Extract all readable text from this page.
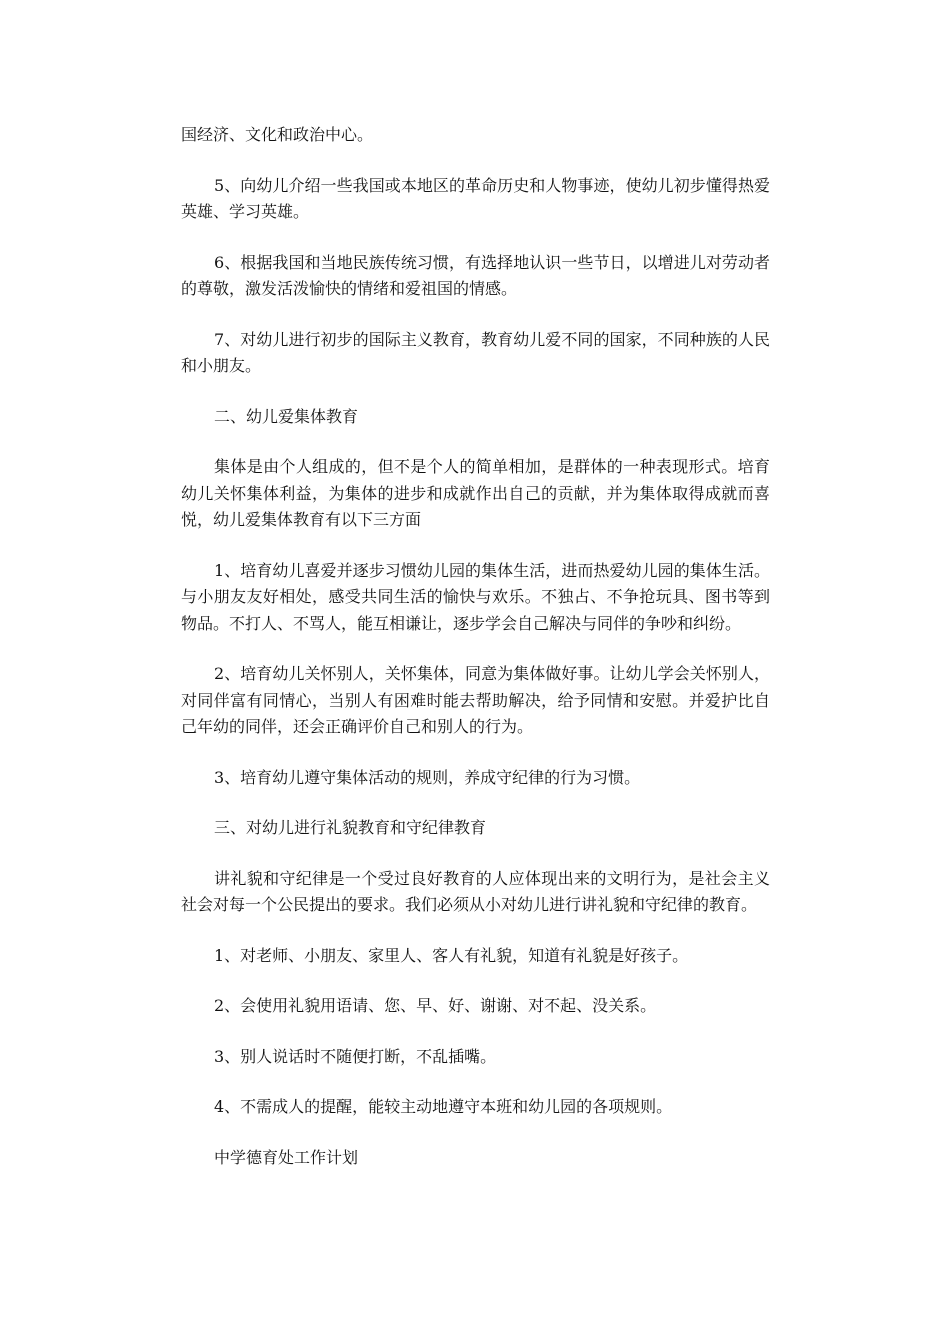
国经济、文化和政治中心。

5、向幼儿介绍一些我国或本地区的革命历史和人物事迹，使幼儿初步懂得热爱英雄、学习英雄。

6、根据我国和当地民族传统习惯，有选择地认识一些节日，以增进儿对劳动者的尊敬，激发活泼愉快的情绪和爱祖国的情感。

7、对幼儿进行初步的国际主义教育，教育幼儿爱不同的国家，不同种族的人民和小朋友。

二、幼儿爱集体教育

集体是由个人组成的，但不是个人的简单相加，是群体的一种表现形式。培育幼儿关怀集体利益，为集体的进步和成就作出自己的贡献，并为集体取得成就而喜悦，幼儿爱集体教育有以下三方面

1、培育幼儿喜爱并逐步习惯幼儿园的集体生活，进而热爱幼儿园的集体生活。与小朋友友好相处，感受共同生活的愉快与欢乐。不独占、不争抢玩具、图书等到物品。不打人、不骂人，能互相谦让，逐步学会自己解决与同伴的争吵和纠纷。

2、培育幼儿关怀别人，关怀集体，同意为集体做好事。让幼儿学会关怀别人，对同伴富有同情心，当别人有困难时能去帮助解决，给予同情和安慰。并爱护比自己年幼的同伴，还会正确评价自己和别人的行为。

3、培育幼儿遵守集体活动的规则，养成守纪律的行为习惯。

三、对幼儿进行礼貌教育和守纪律教育

讲礼貌和守纪律是一个受过良好教育的人应体现出来的文明行为，是社会主义社会对每一个公民提出的要求。我们必须从小对幼儿进行讲礼貌和守纪律的教育。

1、对老师、小朋友、家里人、客人有礼貌，知道有礼貌是好孩子。

2、会使用礼貌用语请、您、早、好、谢谢、对不起、没关系。

3、别人说话时不随便打断，不乱插嘴。

4、不需成人的提醒，能较主动地遵守本班和幼儿园的各项规则。

中学德育处工作计划
